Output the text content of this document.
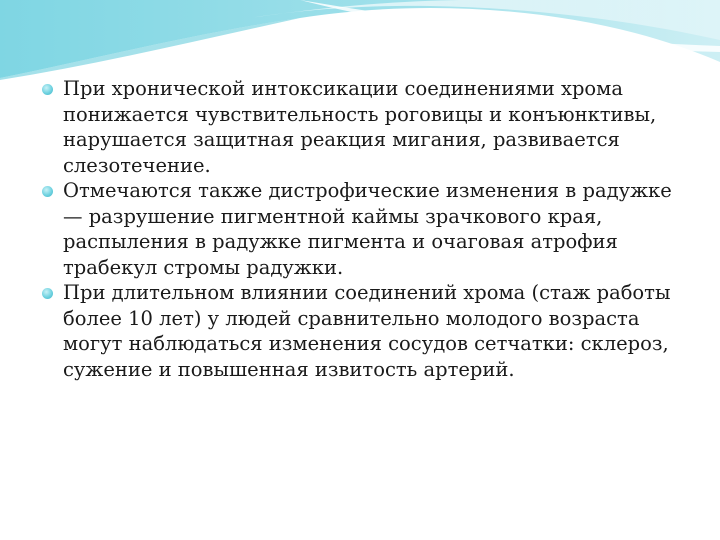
При хронической интоксикации соединениями хрома понижается чувствительность роговицы и конъюнктивы, нарушается защитная реакция мигания, развивается слезотечение.
Отмечаются также дистрофические изменения в радужке — разрушение пигментной каймы зрачкового края, распыления в радужке пигмента и очаговая атрофия трабекул стромы радужки.
При длительном влиянии соединений хрома (стаж работы более 10 лет) у людей сравнительно молодого возраста могут наблюдаться изменения сосудов сетчатки: склероз, сужение и повышенная извитость артерий.
